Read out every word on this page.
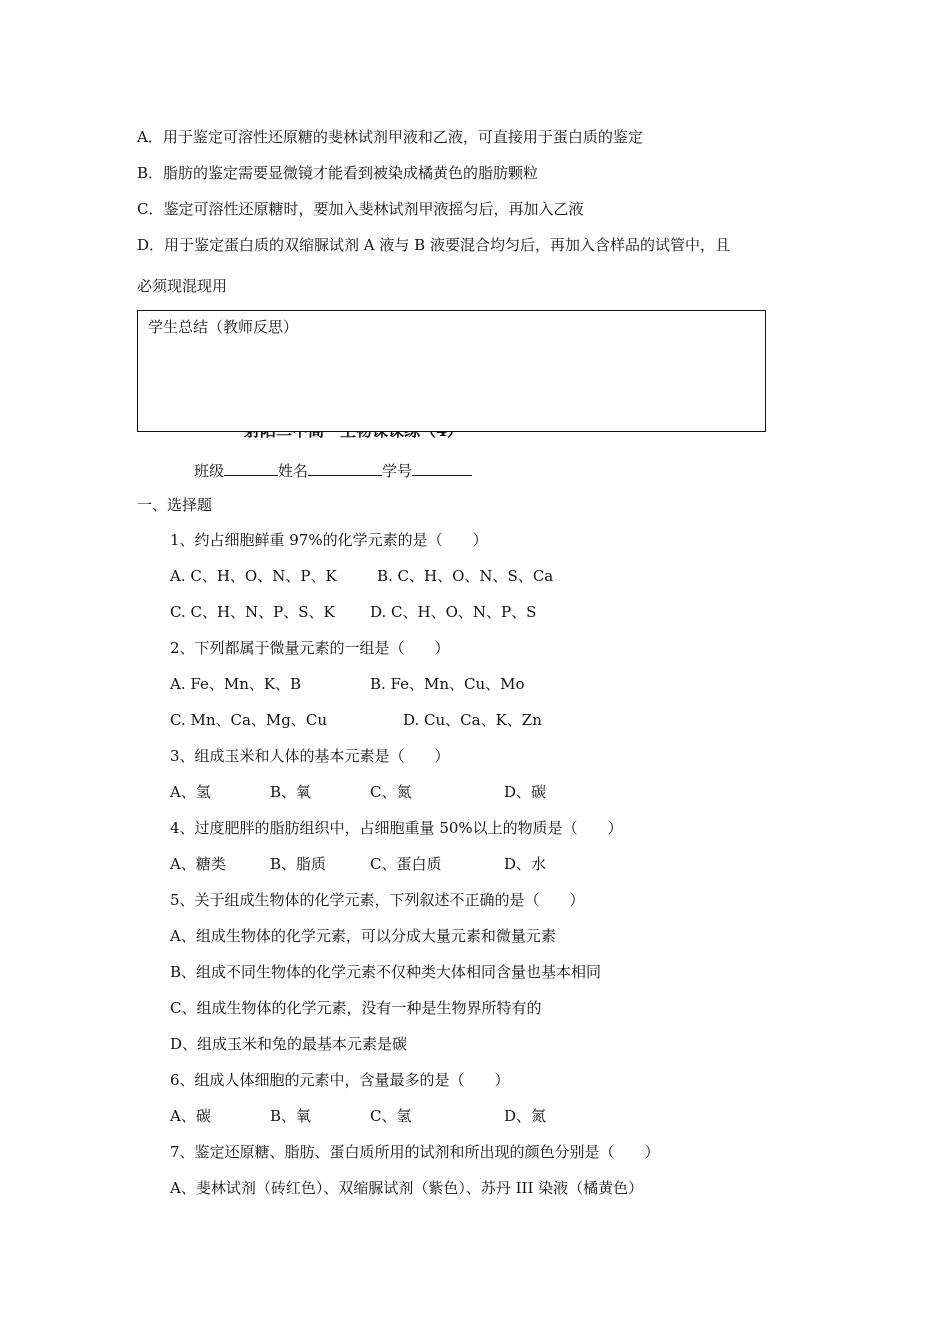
A．用于鉴定可溶性还原糖的斐林试剂甲液和乙液，可直接用于蛋白质的鉴定
B．脂肪的鉴定需要显微镜才能看到被染成橘黄色的脂肪颗粒
C．鉴定可溶性还原糖时，要加入斐林试剂甲液摇匀后，再加入乙液
D．用于鉴定蛋白质的双缩脲试剂 A 液与 B 液要混合均匀后，再加入含样品的试管中，且
必须现混现用
学生总结（教师反思）
班级	姓名	学号
一、选择题
1、约占细胞鲜重 97%的化学元素的是（　　）
A. C、H、O、N、P、K	B. C、H、O、N、S、Ca
C. C、H、N、P、S、K D. C、H、O、N、P、S
2、下列都属于微量元素的一组是（　　）
A. Fe、Mn、K、B	B. Fe、Mn、Cu、Mo
C. Mn、Ca、Mg、Cu	D. Cu、Ca、K、Zn
3、组成玉米和人体的基本元素是（　　）
A、氢	B、氧	C、氮	D、碳
4、过度肥胖的脂肪组织中，占细胞重量 50%以上的物质是（　　）
A、糖类	B、脂质	C、蛋白质	D、水
5、关于组成生物体的化学元素，下列叙述不正确的是（　　）
A、组成生物体的化学元素，可以分成大量元素和微量元素
B、组成不同生物体的化学元素不仅种类大体相同含量也基本相同
C、组成生物体的化学元素，没有一种是生物界所特有的
D、组成玉米和兔的最基本元素是碳
6、组成人体细胞的元素中，含量最多的是（　　）
A、碳	B、氧	C、氢	D、氮
7、鉴定还原糖、脂肪、蛋白质所用的试剂和所出现的颜色分别是（　　）
A、斐林试剂（砖红色）、双缩脲试剂（紫色）、苏丹 III 染液（橘黄色）
